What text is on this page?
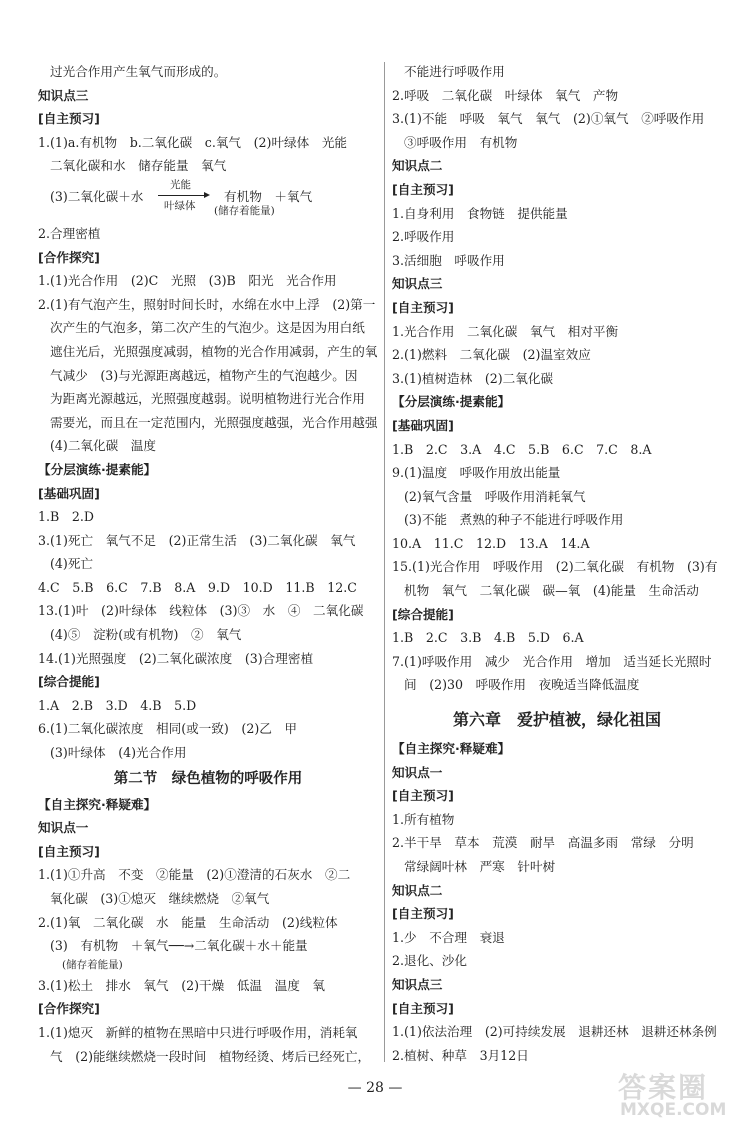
过光合作用产生氧气而形成的。
知识点三
[自主预习]
1.(1)a.有机物　b.二氧化碳　c.氧气　(2)叶绿体　光能
二氧化碳和水　储存能量　氧气
(3)二氧化碳＋水
光能
叶绿体
有机物　＋氧气
(储存着能量)
2.合理密植
[合作探究]
1.(1)光合作用　(2)C　光照　(3)B　阳光　光合作用
2.(1)有气泡产生，照射时间长时，水绵在水中上浮　(2)第一
次产生的气泡多，第二次产生的气泡少。这是因为用白纸
遮住光后，光照强度减弱，植物的光合作用减弱，产生的氧
气减少　(3)与光源距离越远，植物产生的气泡越少。因
为距离光源越远，光照强度越弱。说明植物进行光合作用
需要光，而且在一定范围内，光照强度越强，光合作用越强
(4)二氧化碳　温度
【分层演练·提素能】
[基础巩固]
1.B　2.D
3.(1)死亡　氧气不足　(2)正常生活　(3)二氧化碳　氧气
(4)死亡
4.C　5.B　6.C　7.B　8.A　9.D　10.D　11.B　12.C
13.(1)叶　(2)叶绿体　线粒体　(3)③　水　④　二氧化碳
(4)⑤　淀粉(或有机物)　②　氧气
14.(1)光照强度　(2)二氧化碳浓度　(3)合理密植
[综合提能]
1.A　2.B　3.D　4.B　5.D
6.(1)二氧化碳浓度　相同(或一致)　(2)乙　甲
(3)叶绿体　(4)光合作用
第二节　绿色植物的呼吸作用
【自主探究·释疑难】
知识点一
[自主预习]
1.(1)①升高　不变　②能量　(2)①澄清的石灰水　②二
氧化碳　(3)①熄灭　继续燃烧　②氧气
2.(1)氧　二氧化碳　水　能量　生命活动　(2)线粒体
(3)　有机物　＋氧气──→二氧化碳＋水＋能量
(储存着能量)
3.(1)松土　排水　氧气　(2)干燥　低温　温度　氧
[合作探究]
1.(1)熄灭　新鲜的植物在黑暗中只进行呼吸作用，消耗氧
气　(2)能继续燃烧一段时间　植物经烫、烤后已经死亡，
不能进行呼吸作用
2.呼吸　二氧化碳　叶绿体　氧气　产物
3.(1)不能　呼吸　氧气　氧气　(2)①氧气　②呼吸作用
③呼吸作用　有机物
知识点二
[自主预习]
1.自身利用　食物链　提供能量
2.呼吸作用
3.活细胞　呼吸作用
知识点三
[自主预习]
1.光合作用　二氧化碳　氧气　相对平衡
2.(1)燃料　二氧化碳　(2)温室效应
3.(1)植树造林　(2)二氧化碳
【分层演练·提素能】
[基础巩固]
1.B　2.C　3.A　4.C　5.B　6.C　7.C　8.A
9.(1)温度　呼吸作用放出能量
(2)氧气含量　呼吸作用消耗氧气
(3)不能　煮熟的种子不能进行呼吸作用
10.A　11.C　12.D　13.A　14.A
15.(1)光合作用　呼吸作用　(2)二氧化碳　有机物　(3)有
机物　氧气　二氧化碳　碳—氧　(4)能量　生命活动
[综合提能]
1.B　2.C　3.B　4.B　5.D　6.A
7.(1)呼吸作用　减少　光合作用　增加　适当延长光照时
间　(2)30　呼吸作用　夜晚适当降低温度
第六章　爱护植被，绿化祖国
【自主探究·释疑难】
知识点一
[自主预习]
1.所有植物
2.半干旱　草本　荒漠　耐旱　高温多雨　常绿　分明
常绿阔叶林　严寒　针叶树
知识点二
[自主预习]
1.少　不合理　衰退
2.退化、沙化
知识点三
[自主预习]
1.(1)依法治理　(2)可持续发展　退耕还林　退耕还林条例
2.植树、种草　3月12日
— 28 —	答案圈
MXQE.COM
